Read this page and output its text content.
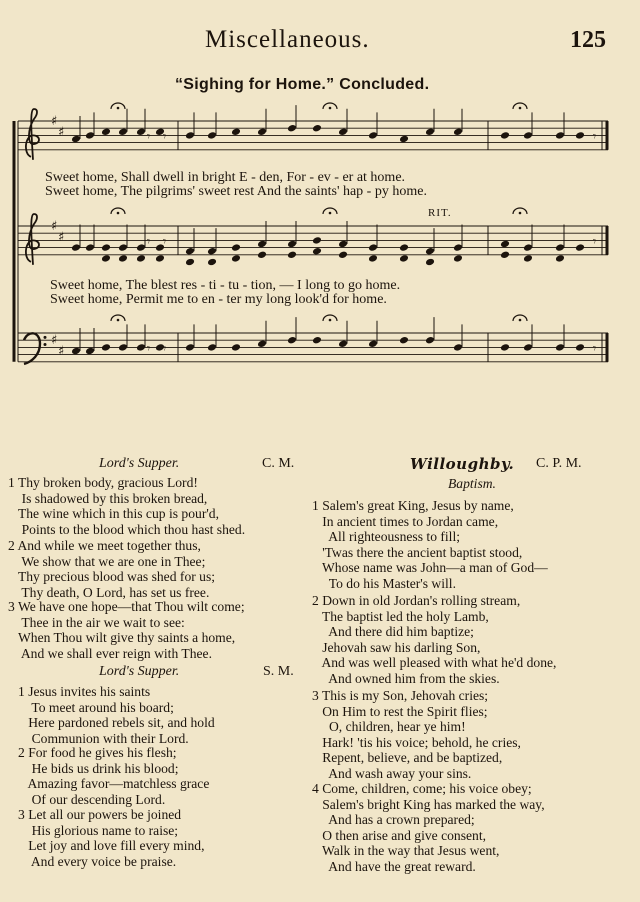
Miscellaneous.	125
“Sighing for Home.” Concluded.
♯
♯	𝄾 𝄾	𝄾
♯
♯	𝄾 𝄾	𝄾
♯
♯	𝄾 𝄾	𝄾
Sweet home, Shall dwell in bright E - den, For - ev - er at home.
Sweet home, The pilgrims' sweet rest And the saints' hap - py home.
RIT.
Sweet home, The blest res - ti - tu - tion, — I long to go home.
Sweet home, Permit me to en - ter my long look'd for home.
Lord's Supper.	C. M.
1 Thy broken body, gracious Lord!
Is shadowed by this broken bread,
The wine which in this cup is pour'd,
Points to the blood which thou hast shed.
2 And while we meet together thus,
We show that we are one in Thee;
Thy precious blood was shed for us;
Thy death, O Lord, has set us free.
3 We have one hope—that Thou wilt come;
Thee in the air we wait to see:
When Thou wilt give thy saints a home,
And we shall ever reign with Thee.
Lord's Supper.	S. M.
1 Jesus invites his saints
To meet around his board;
Here pardoned rebels sit, and hold
Communion with their Lord.
2 For food he gives his flesh;
He bids us drink his blood;
Amazing favor—matchless grace
Of our descending Lord.
3 Let all our powers be joined
His glorious name to raise;
Let joy and love fill every mind,
And every voice be praise.
Willoughby. C. P. M.
Baptism.
1 Salem's great King, Jesus by name,
In ancient times to Jordan came,
All righteousness to fill;
'Twas there the ancient baptist stood,
Whose name was John—a man of God—
To do his Master's will.
2 Down in old Jordan's rolling stream,
The baptist led the holy Lamb,
And there did him baptize;
Jehovah saw his darling Son,
And was well pleased with what he'd done,
And owned him from the skies.
3 This is my Son, Jehovah cries;
On Him to rest the Spirit flies;
O, children, hear ye him!
Hark! 'tis his voice; behold, he cries,
Repent, believe, and be baptized,
And wash away your sins.
4 Come, children, come; his voice obey;
Salem's bright King has marked the way,
And has a crown prepared;
O then arise and give consent,
Walk in the way that Jesus went,
And have the great reward.
